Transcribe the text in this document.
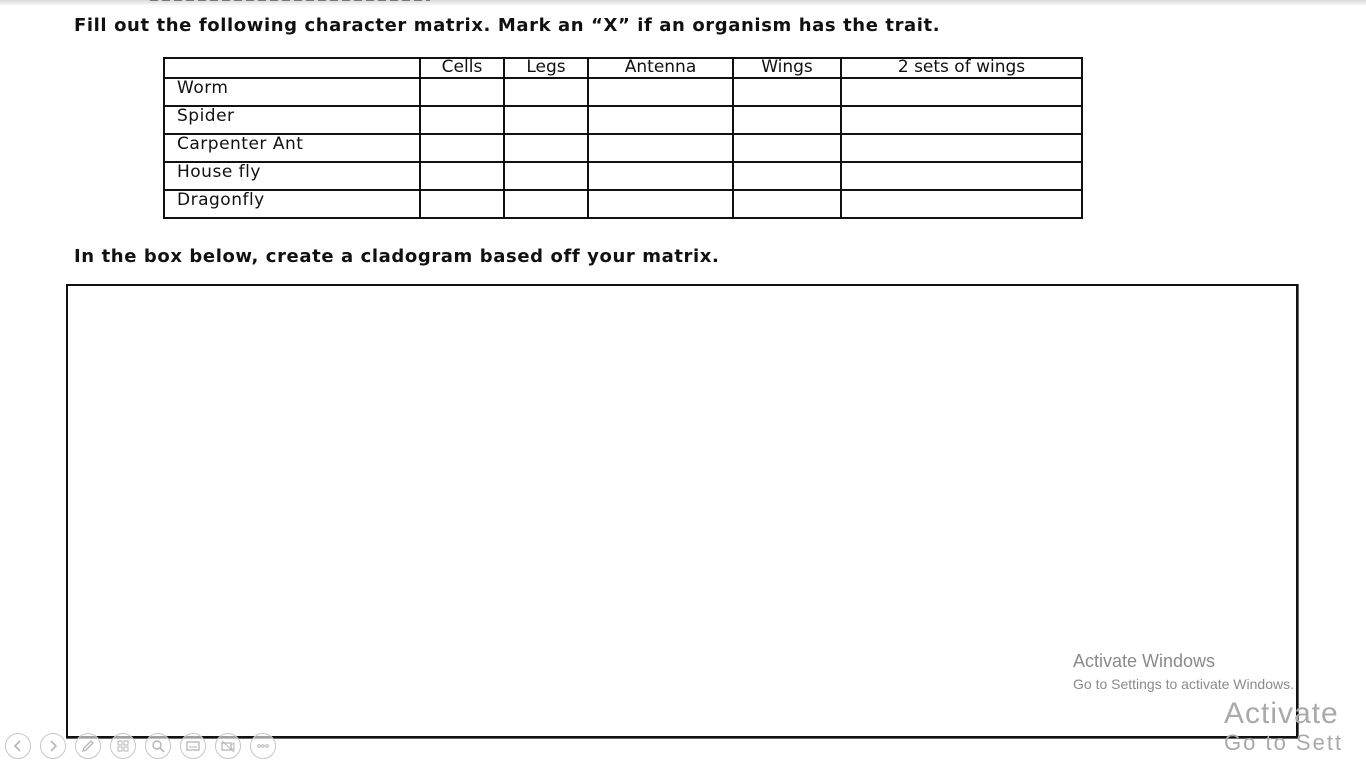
Fill out the following character matrix. Mark an “X” if an organism has the trait.
	Cells	Legs	Antenna	Wings	2 sets of wings
Worm					
Spider					
Carpenter Ant					
House fly					
Dragonfly					
In the box below, create a cladogram based off your matrix.
Activate Windows
Go to Settings to activate Windows.
Activate
Go to Sett
